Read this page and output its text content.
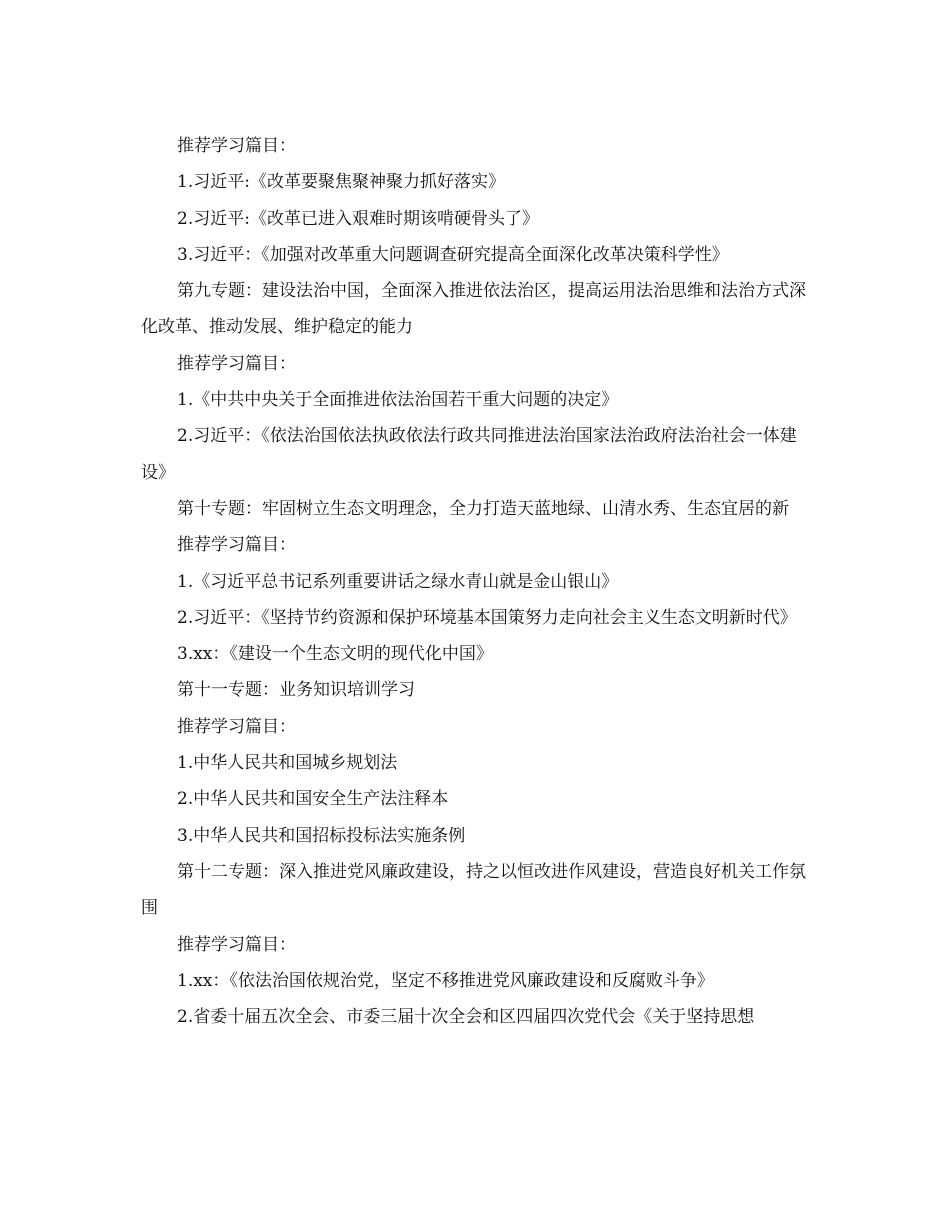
推荐学习篇目：

1.习近平:《改革要聚焦聚神聚力抓好落实》

2.习近平:《改革已进入艰难时期该啃硬骨头了》

3.习近平：《加强对改革重大问题调查研究提高全面深化改革决策科学性》

第九专题：建设法治中国，全面深入推进依法治区，提高运用法治思维和法治方式深化改革、推动发展、维护稳定的能力

推荐学习篇目：

1.《中共中央关于全面推进依法治国若干重大问题的决定》

2.习近平：《依法治国依法执政依法行政共同推进法治国家法治政府法治社会一体建设》

第十专题：牢固树立生态文明理念，全力打造天蓝地绿、山清水秀、生态宜居的新

推荐学习篇目：

1.《习近平总书记系列重要讲话之绿水青山就是金山银山》

2.习近平：《坚持节约资源和保护环境基本国策努力走向社会主义生态文明新时代》

3.xx：《建设一个生态文明的现代化中国》

第十一专题：业务知识培训学习

推荐学习篇目：

1.中华人民共和国城乡规划法

2.中华人民共和国安全生产法注释本

3.中华人民共和国招标投标法实施条例

第十二专题：深入推进党风廉政建设，持之以恒改进作风建设，营造良好机关工作氛围

推荐学习篇目：

1.xx：《依法治国依规治党，坚定不移推进党风廉政建设和反腐败斗争》

2.省委十届五次全会、市委三届十次全会和区四届四次党代会《关于坚持思想
